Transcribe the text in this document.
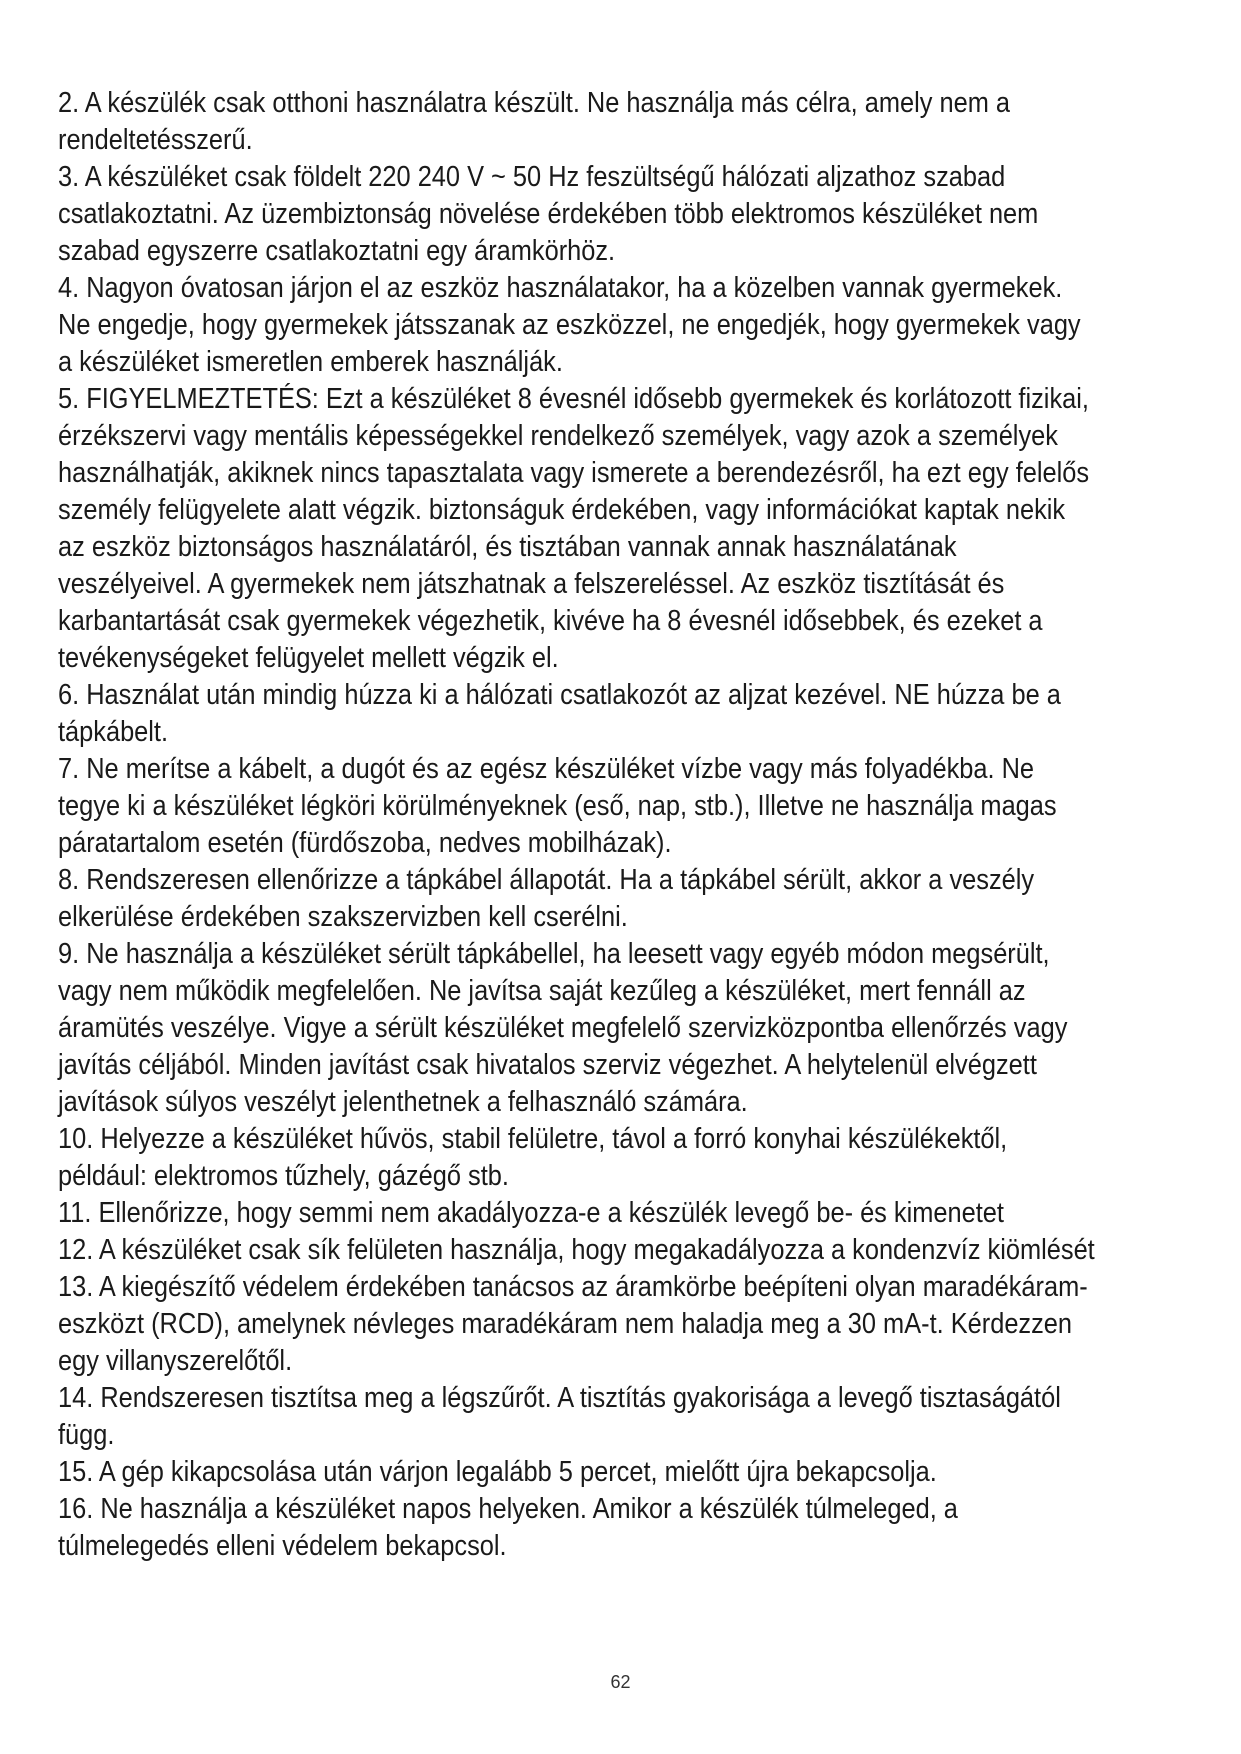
2. A készülék csak otthoni használatra készült. Ne használja más célra, amely nem a
rendeltetésszerű.
3. A készüléket csak földelt 220 240 V ~ 50 Hz feszültségű hálózati aljzathoz szabad
csatlakoztatni. Az üzembiztonság növelése érdekében több elektromos készüléket nem
szabad egyszerre csatlakoztatni egy áramkörhöz.
4. Nagyon óvatosan járjon el az eszköz használatakor, ha a közelben vannak gyermekek.
Ne engedje, hogy gyermekek játsszanak az eszközzel, ne engedjék, hogy gyermekek vagy
a készüléket ismeretlen emberek használják.
5. FIGYELMEZTETÉS: Ezt a készüléket 8 évesnél idősebb gyermekek és korlátozott fizikai,
érzékszervi vagy mentális képességekkel rendelkező személyek, vagy azok a személyek
használhatják, akiknek nincs tapasztalata vagy ismerete a berendezésről, ha ezt egy felelős
személy felügyelete alatt végzik. biztonságuk érdekében, vagy információkat kaptak nekik
az eszköz biztonságos használatáról, és tisztában vannak annak használatának
veszélyeivel. A gyermekek nem játszhatnak a felszereléssel. Az eszköz tisztítását és
karbantartását csak gyermekek végezhetik, kivéve ha 8 évesnél idősebbek, és ezeket a
tevékenységeket felügyelet mellett végzik el.
6. Használat után mindig húzza ki a hálózati csatlakozót az aljzat kezével. NE húzza be a
tápkábelt.
7. Ne merítse a kábelt, a dugót és az egész készüléket vízbe vagy más folyadékba. Ne
tegye ki a készüléket légköri körülményeknek (eső, nap, stb.), Illetve ne használja magas
páratartalom esetén (fürdőszoba, nedves mobilházak).
8. Rendszeresen ellenőrizze a tápkábel állapotát. Ha a tápkábel sérült, akkor a veszély
elkerülése érdekében szakszervizben kell cserélni.
9. Ne használja a készüléket sérült tápkábellel, ha leesett vagy egyéb módon megsérült,
vagy nem működik megfelelően. Ne javítsa saját kezűleg a készüléket, mert fennáll az
áramütés veszélye. Vigye a sérült készüléket megfelelő szervizközpontba ellenőrzés vagy
javítás céljából. Minden javítást csak hivatalos szerviz végezhet. A helytelenül elvégzett
javítások súlyos veszélyt jelenthetnek a felhasználó számára.
10. Helyezze a készüléket hűvös, stabil felületre, távol a forró konyhai készülékektől,
például: elektromos tűzhely, gázégő stb.
11. Ellenőrizze, hogy semmi nem akadályozza-e a készülék levegő be- és kimenetet
12. A készüléket csak sík felületen használja, hogy megakadályozza a kondenzvíz kiömlését
13. A kiegészítő védelem érdekében tanácsos az áramkörbe beépíteni olyan maradékáram-
eszközt (RCD), amelynek névleges maradékáram nem haladja meg a 30 mA-t. Kérdezzen
egy villanyszerelőtől.
14. Rendszeresen tisztítsa meg a légszűrőt. A tisztítás gyakorisága a levegő tisztaságától
függ.
15. A gép kikapcsolása után várjon legalább 5 percet, mielőtt újra bekapcsolja.
16. Ne használja a készüléket napos helyeken. Amikor a készülék túlmeleged, a
túlmelegedés elleni védelem bekapcsol.
62
